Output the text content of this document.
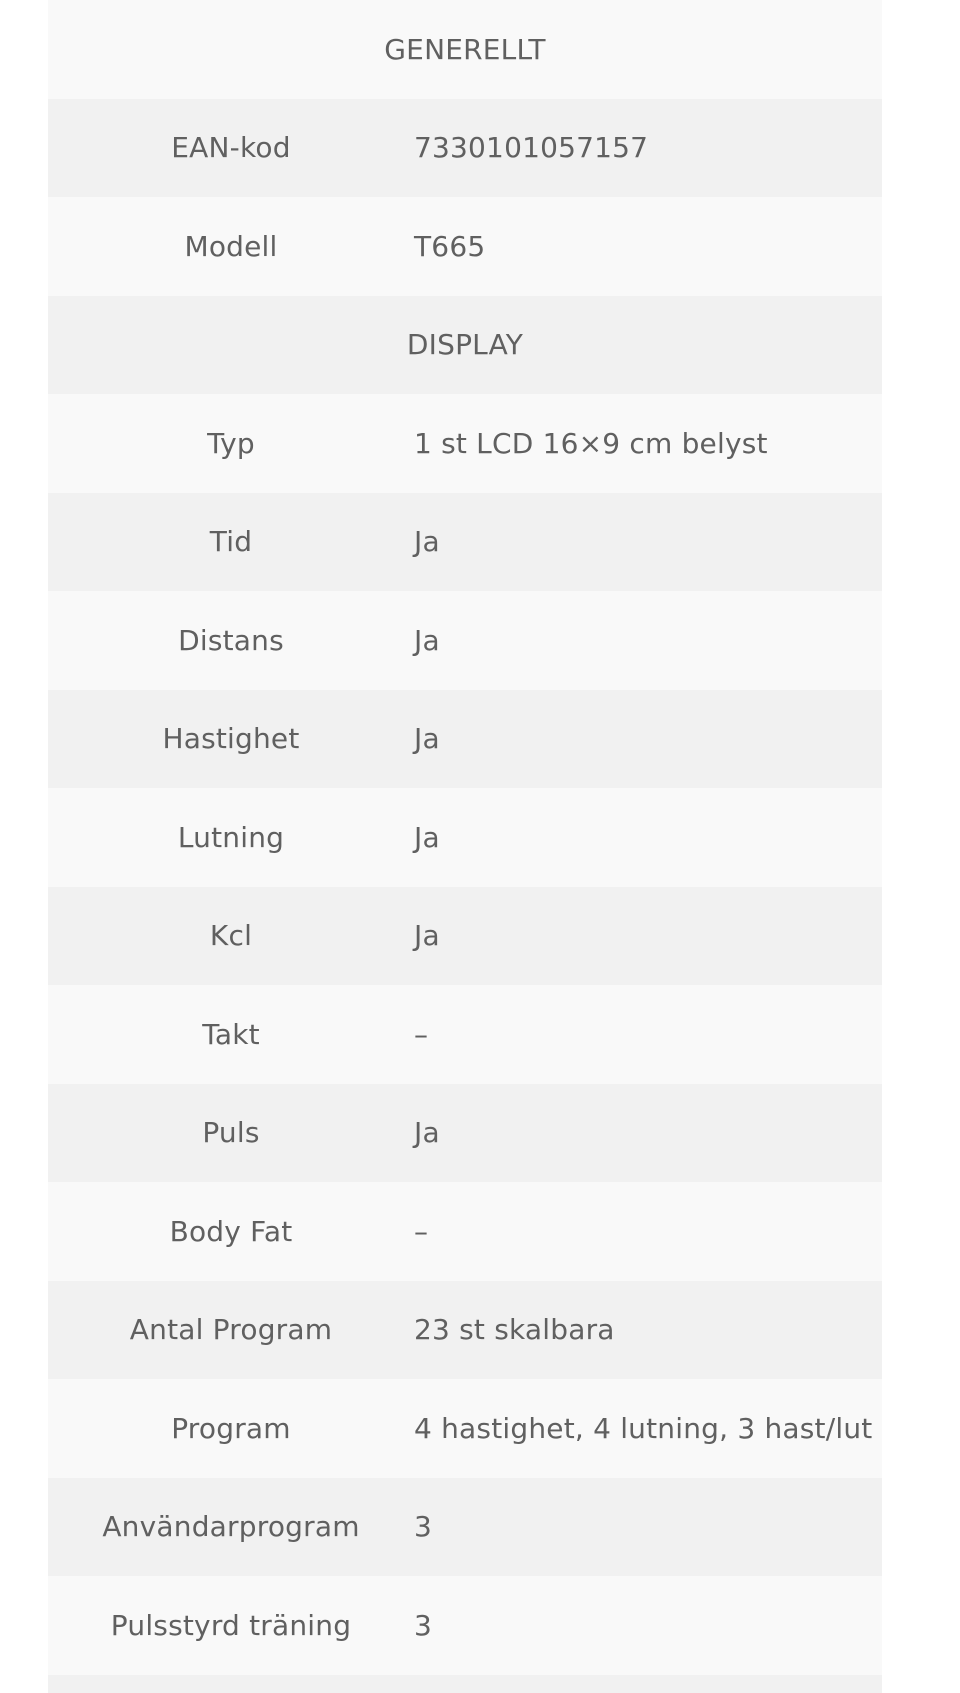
GENERELLT
EAN-kod	7330101057157
Modell	T665
DISPLAY
Typ	1 st LCD 16×9 cm belyst
Tid	Ja
Distans	Ja
Hastighet	Ja
Lutning	Ja
Kcl	Ja
Takt	–
Puls	Ja
Body Fat	–
Antal Program	23 st skalbara
Program	4 hastighet, 4 lutning, 3 hast/lut
Användarprogram	3
Pulsstyrd träning	3
